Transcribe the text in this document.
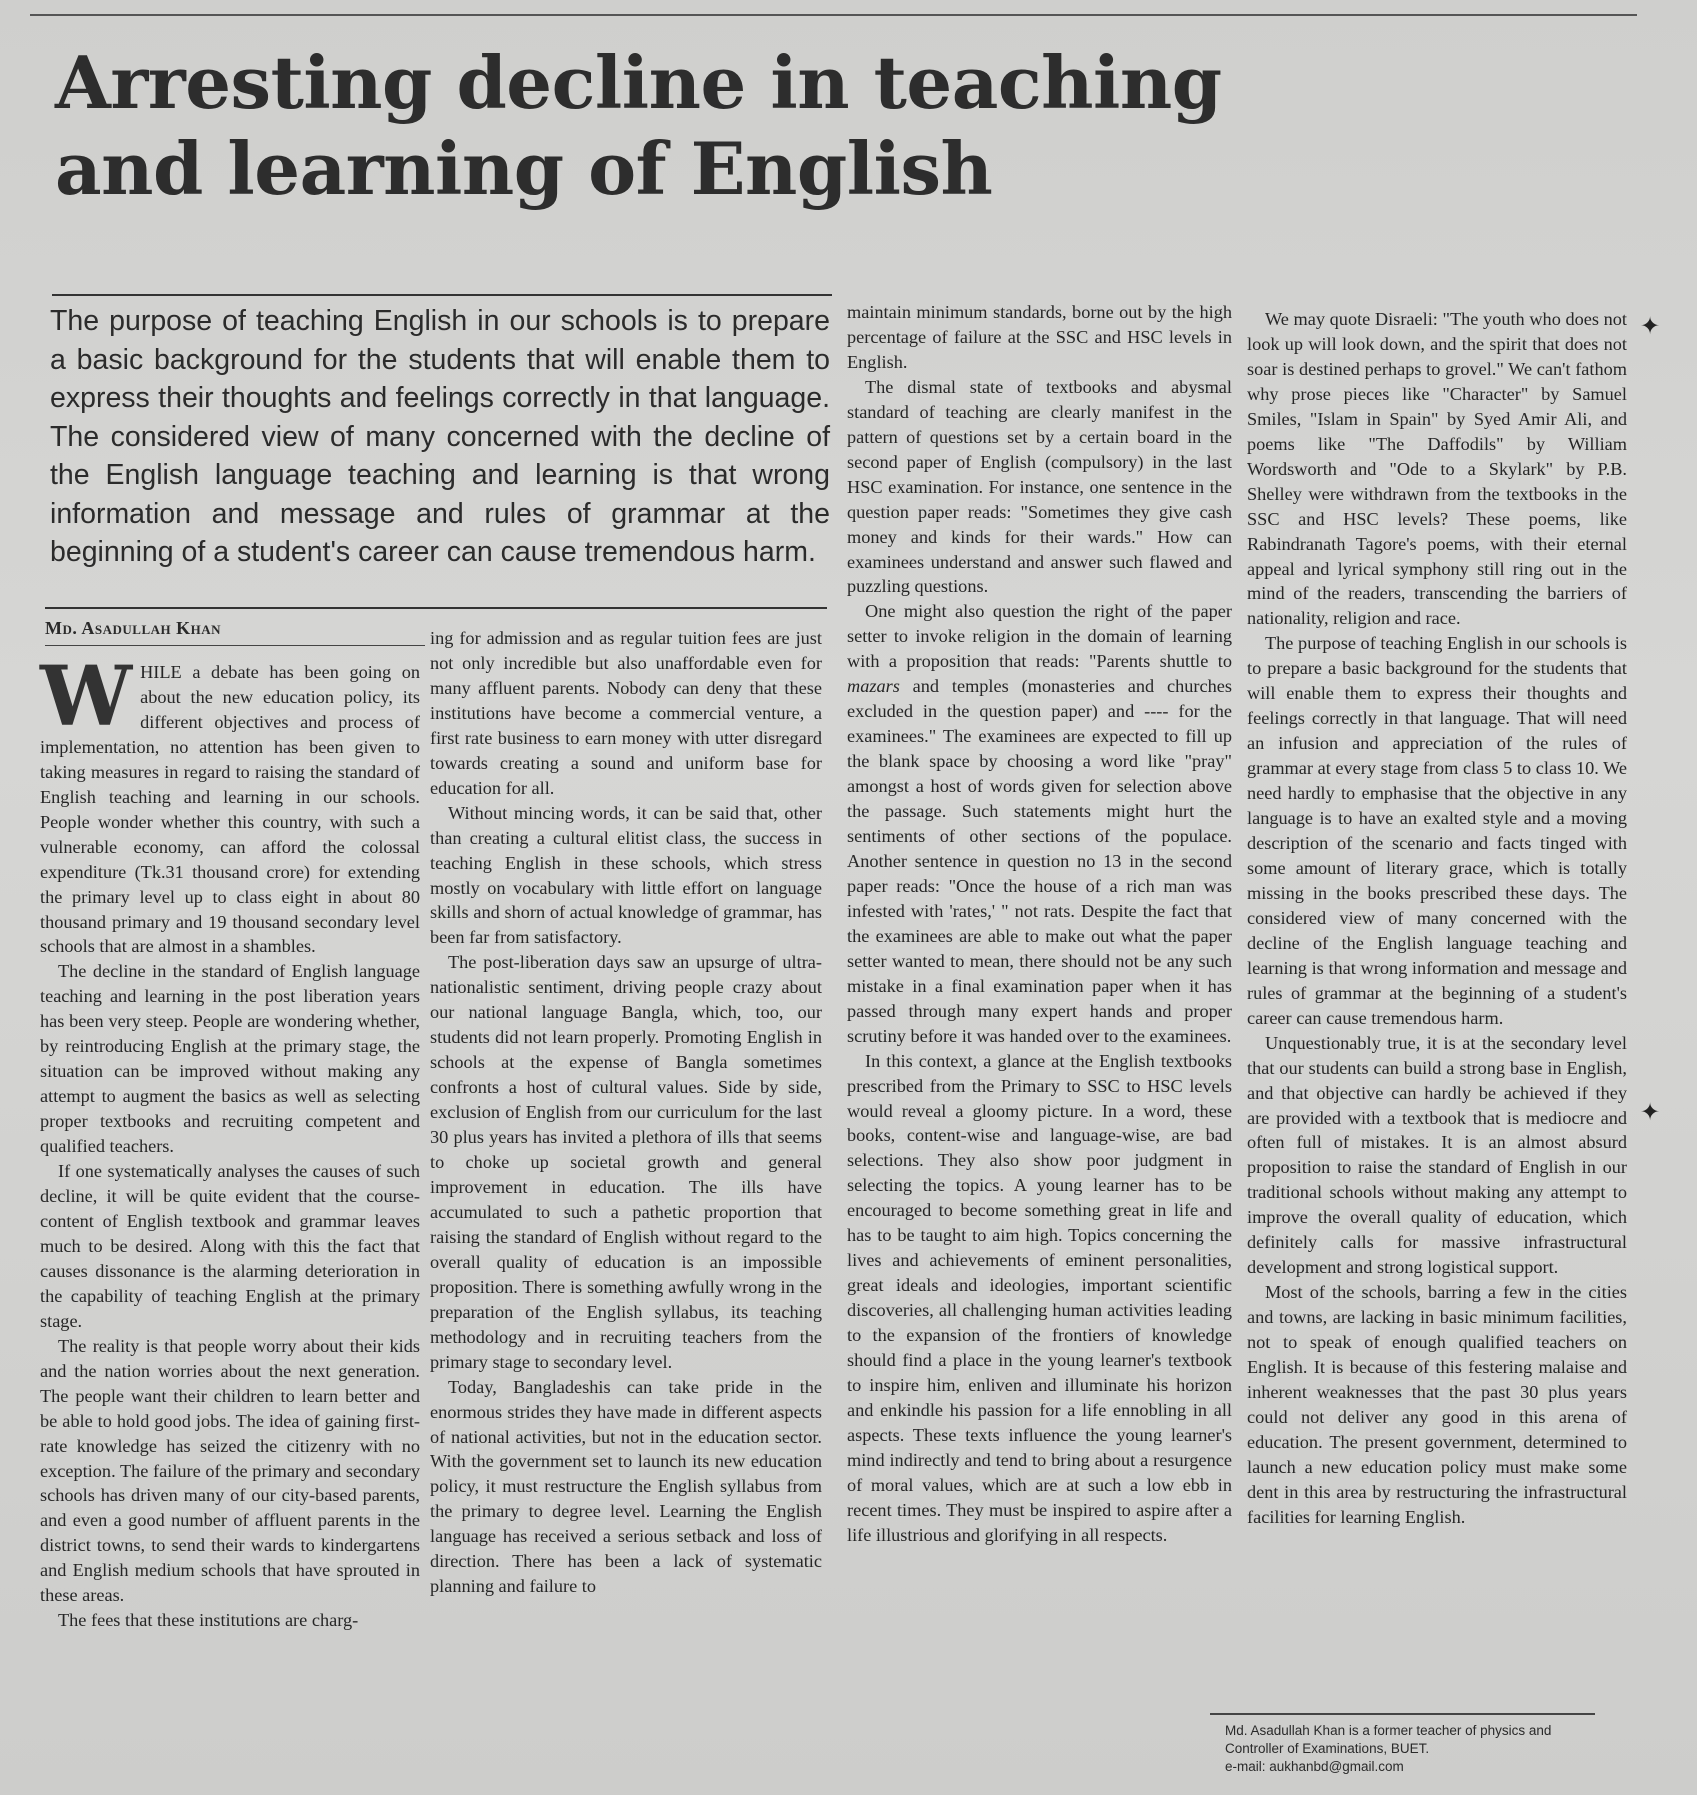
Arresting decline in teaching and learning of English

The purpose of teaching English in our schools is to prepare a basic background for the students that will enable them to express their thoughts and feelings correctly in that language. The considered view of many concerned with the decline of the English language teaching and learning is that wrong information and message and rules of grammar at the beginning of a student's career can cause tremendous harm.

Md. Asadullah Khan

WHILE a debate has been going on about the new education policy, its different objectives and process of implementation, no attention has been given to taking measures in regard to raising the standard of English teaching and learning in our schools. People wonder whether this country, with such a vulnerable economy, can afford the colossal expenditure (Tk.31 thousand crore) for extending the primary level up to class eight in about 80 thousand primary and 19 thousand secondary level schools that are almost in a shambles.

The decline in the standard of English language teaching and learning in the post liberation years has been very steep. People are wondering whether, by reintroducing English at the primary stage, the situation can be improved without making any attempt to augment the basics as well as selecting proper textbooks and recruiting competent and qualified teachers.

If one systematically analyses the causes of such decline, it will be quite evident that the course-content of English textbook and grammar leaves much to be desired. Along with this the fact that causes dissonance is the alarming deterioration in the capability of teaching English at the primary stage.

The reality is that people worry about their kids and the nation worries about the next generation. The people want their children to learn better and be able to hold good jobs. The idea of gaining first-rate knowledge has seized the citizenry with no exception. The failure of the primary and secondary schools has driven many of our city-based parents, and even a good number of affluent parents in the district towns, to send their wards to kindergartens and English medium schools that have sprouted in these areas.

The fees that these institutions are charg-

ing for admission and as regular tuition fees are just not only incredible but also unaffordable even for many affluent parents. Nobody can deny that these institutions have become a commercial venture, a first rate business to earn money with utter disregard towards creating a sound and uniform base for education for all.

Without mincing words, it can be said that, other than creating a cultural elitist class, the success in teaching English in these schools, which stress mostly on vocabulary with little effort on language skills and shorn of actual knowledge of grammar, has been far from satisfactory.

The post-liberation days saw an upsurge of ultra-nationalistic sentiment, driving people crazy about our national language Bangla, which, too, our students did not learn properly. Promoting English in schools at the expense of Bangla sometimes confronts a host of cultural values. Side by side, exclusion of English from our curriculum for the last 30 plus years has invited a plethora of ills that seems to choke up societal growth and general improvement in education. The ills have accumulated to such a pathetic proportion that raising the standard of English without regard to the overall quality of education is an impossible proposition. There is something awfully wrong in the preparation of the English syllabus, its teaching methodology and in recruiting teachers from the primary stage to secondary level.

Today, Bangladeshis can take pride in the enormous strides they have made in different aspects of national activities, but not in the education sector. With the government set to launch its new education policy, it must restructure the English syllabus from the primary to degree level. Learning the English language has received a serious setback and loss of direction. There has been a lack of systematic planning and failure to

maintain minimum standards, borne out by the high percentage of failure at the SSC and HSC levels in English.

The dismal state of textbooks and abysmal standard of teaching are clearly manifest in the pattern of questions set by a certain board in the second paper of English (compulsory) in the last HSC examination. For instance, one sentence in the question paper reads: "Sometimes they give cash money and kinds for their wards." How can examinees understand and answer such flawed and puzzling questions.

One might also question the right of the paper setter to invoke religion in the domain of learning with a proposition that reads: "Parents shuttle to mazars and temples (monasteries and churches excluded in the question paper) and ---- for the examinees." The examinees are expected to fill up the blank space by choosing a word like "pray" amongst a host of words given for selection above the passage. Such statements might hurt the sentiments of other sections of the populace. Another sentence in question no 13 in the second paper reads: "Once the house of a rich man was infested with 'rates,' " not rats. Despite the fact that the examinees are able to make out what the paper setter wanted to mean, there should not be any such mistake in a final examination paper when it has passed through many expert hands and proper scrutiny before it was handed over to the examinees.

In this context, a glance at the English textbooks prescribed from the Primary to SSC to HSC levels would reveal a gloomy picture. In a word, these books, content-wise and language-wise, are bad selections. They also show poor judgment in selecting the topics. A young learner has to be encouraged to become something great in life and has to be taught to aim high. Topics concerning the lives and achievements of eminent personalities, great ideals and ideologies, important scientific discoveries, all challenging human activities leading to the expansion of the frontiers of knowledge should find a place in the young learner's textbook to inspire him, enliven and illuminate his horizon and enkindle his passion for a life ennobling in all aspects. These texts influence the young learner's mind indirectly and tend to bring about a resurgence of moral values, which are at such a low ebb in recent times. They must be inspired to aspire after a life illustrious and glorifying in all respects.

We may quote Disraeli: "The youth who does not look up will look down, and the spirit that does not soar is destined perhaps to grovel." We can't fathom why prose pieces like "Character" by Samuel Smiles, "Islam in Spain" by Syed Amir Ali, and poems like "The Daffodils" by William Wordsworth and "Ode to a Skylark" by P.B. Shelley were withdrawn from the textbooks in the SSC and HSC levels? These poems, like Rabindranath Tagore's poems, with their eternal appeal and lyrical symphony still ring out in the mind of the readers, transcending the barriers of nationality, religion and race.

The purpose of teaching English in our schools is to prepare a basic background for the students that will enable them to express their thoughts and feelings correctly in that language. That will need an infusion and appreciation of the rules of grammar at every stage from class 5 to class 10. We need hardly to emphasise that the objective in any language is to have an exalted style and a moving description of the scenario and facts tinged with some amount of literary grace, which is totally missing in the books prescribed these days. The considered view of many concerned with the decline of the English language teaching and learning is that wrong information and message and rules of grammar at the beginning of a student's career can cause tremendous harm.

Unquestionably true, it is at the secondary level that our students can build a strong base in English, and that objective can hardly be achieved if they are provided with a textbook that is mediocre and often full of mistakes. It is an almost absurd proposition to raise the standard of English in our traditional schools without making any attempt to improve the overall quality of education, which definitely calls for massive infrastructural development and strong logistical support.

Most of the schools, barring a few in the cities and towns, are lacking in basic minimum facilities, not to speak of enough qualified teachers on English. It is because of this festering malaise and inherent weaknesses that the past 30 plus years could not deliver any good in this arena of education. The present government, determined to launch a new education policy must make some dent in this area by restructuring the infrastructural facilities for learning English.

Md. Asadullah Khan is a former teacher of physics and
Controller of Examinations, BUET.
e-mail: aukhanbd@gmail.com
✦
✦
